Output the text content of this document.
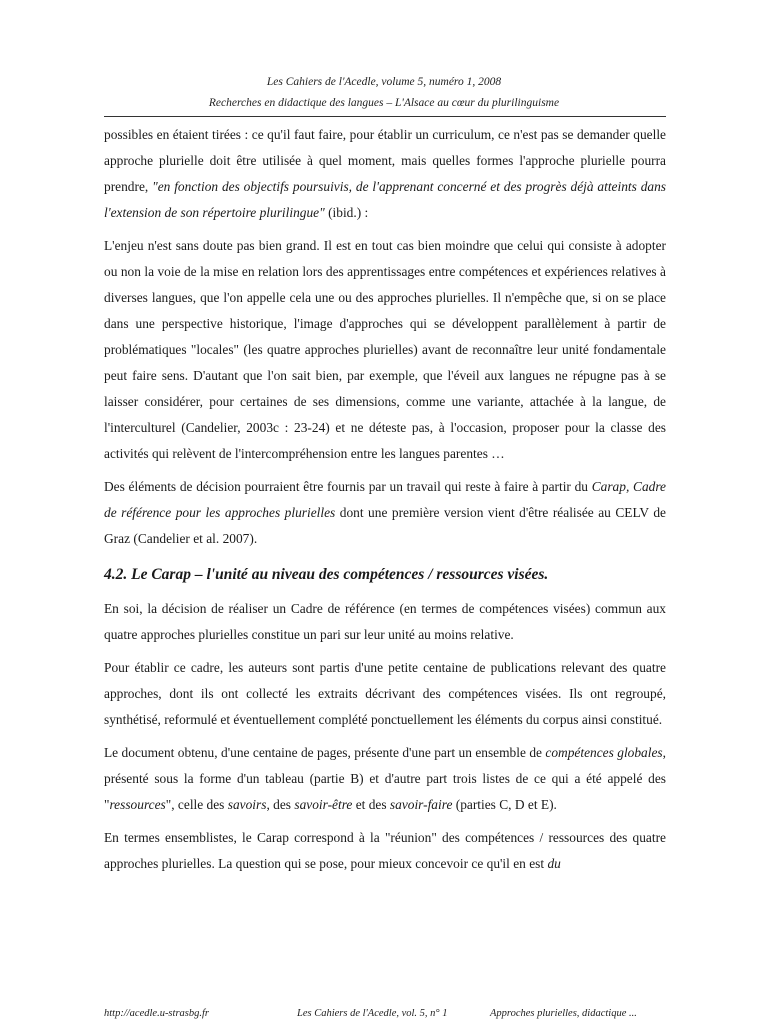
Les Cahiers de l'Acedle, volume 5, numéro 1, 2008
Recherches en didactique des langues – L'Alsace au cœur du plurilinguisme

possibles en étaient tirées : ce qu'il faut faire, pour établir un curriculum, ce n'est pas se demander quelle approche plurielle doit être utilisée à quel moment, mais quelles formes l'approche plurielle pourra prendre, "en fonction des objectifs poursuivis, de l'apprenant concerné et des progrès déjà atteints dans l'extension de son répertoire plurilingue" (ibid.) :

L'enjeu n'est sans doute pas bien grand. Il est en tout cas bien moindre que celui qui consiste à adopter ou non la voie de la mise en relation lors des apprentissages entre compétences et expériences relatives à diverses langues, que l'on appelle cela une ou des approches plurielles. Il n'empêche que, si on se place dans une perspective historique, l'image d'approches qui se développent parallèlement à partir de problématiques "locales" (les quatre approches plurielles) avant de reconnaître leur unité fondamentale peut faire sens. D'autant que l'on sait bien, par exemple, que l'éveil aux langues ne répugne pas à se laisser considérer, pour certaines de ses dimensions, comme une variante, attachée à la langue, de l'interculturel (Candelier, 2003c : 23-24) et ne déteste pas, à l'occasion, proposer pour la classe des activités qui relèvent de l'intercompréhension entre les langues parentes …

Des éléments de décision pourraient être fournis par un travail qui reste à faire à partir du Carap, Cadre de référence pour les approches plurielles dont une première version vient d'être réalisée au CELV de Graz (Candelier et al. 2007).

4.2. Le Carap – l'unité au niveau des compétences / ressources visées.

En soi, la décision de réaliser un Cadre de référence (en termes de compétences visées) commun aux quatre approches plurielles constitue un pari sur leur unité au moins relative.

Pour établir ce cadre, les auteurs sont partis d'une petite centaine de publications relevant des quatre approches, dont ils ont collecté les extraits décrivant des compétences visées. Ils ont regroupé, synthétisé, reformulé et éventuellement complété ponctuellement les éléments du corpus ainsi constitué.

Le document obtenu, d'une centaine de pages, présente d'une part un ensemble de compétences globales, présenté sous la forme d'un tableau (partie B) et d'autre part trois listes de ce qui a été appelé des "ressources", celle des savoirs, des savoir-être et des savoir-faire (parties C, D et E).

En termes ensemblistes, le Carap correspond à la "réunion" des compétences / ressources des quatre approches plurielles. La question qui se pose, pour mieux concevoir ce qu'il en est du

http://acedle.u-strasbg.fr	Les Cahiers de l'Acedle, vol. 5, n° 1	Approches plurielles, didactique ...
